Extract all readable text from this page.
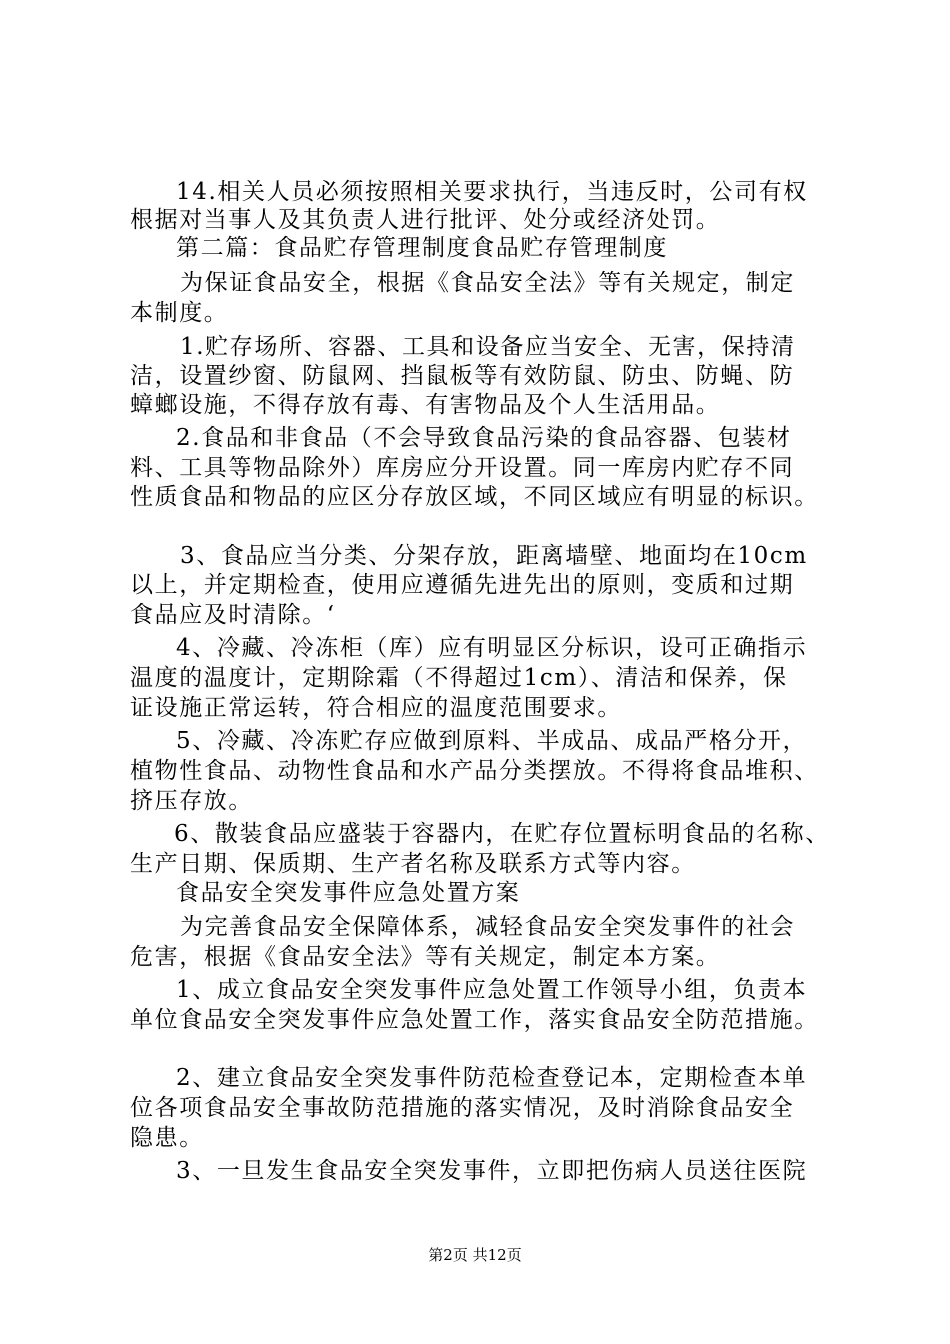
14.相关人员必须按照相关要求执行，当违反时，公司有权
根据对当事人及其负责人进行批评、处分或经济处罚。
第二篇：食品贮存管理制度食品贮存管理制度
为保证食品安全，根据《食品安全法》等有关规定，制定
本制度。
1.贮存场所、容器、工具和设备应当安全、无害，保持清
洁，设置纱窗、防鼠网、挡鼠板等有效防鼠、防虫、防蝇、防
蟑螂设施，不得存放有毒、有害物品及个人生活用品。
2.食品和非食品（不会导致食品污染的食品容器、包装材
料、工具等物品除外）库房应分开设置。同一库房内贮存不同
性质食品和物品的应区分存放区域，不同区域应有明显的标识。
3、食品应当分类、分架存放，距离墙壁、地面均在10cm
以上，并定期检查，使用应遵循先进先出的原则，变质和过期
食品应及时清除。‘
4、冷藏、冷冻柜（库）应有明显区分标识，设可正确指示
温度的温度计，定期除霜（不得超过1cm）、清洁和保养，保
证设施正常运转，符合相应的温度范围要求。
5、冷藏、冷冻贮存应做到原料、半成品、成品严格分开，
植物性食品、动物性食品和水产品分类摆放。不得将食品堆积、
挤压存放。
6、散装食品应盛装于容器内，在贮存位置标明食品的名称、
生产日期、保质期、生产者名称及联系方式等内容。
食品安全突发事件应急处置方案
为完善食品安全保障体系，减轻食品安全突发事件的社会
危害，根据《食品安全法》等有关规定，制定本方案。
1、成立食品安全突发事件应急处置工作领导小组，负责本
单位食品安全突发事件应急处置工作，落实食品安全防范措施。
2、建立食品安全突发事件防范检查登记本，定期检查本单
位各项食品安全事故防范措施的落实情况，及时消除食品安全
隐患。
3、一旦发生食品安全突发事件，立即把伤病人员送往医院
第2页 共12页
